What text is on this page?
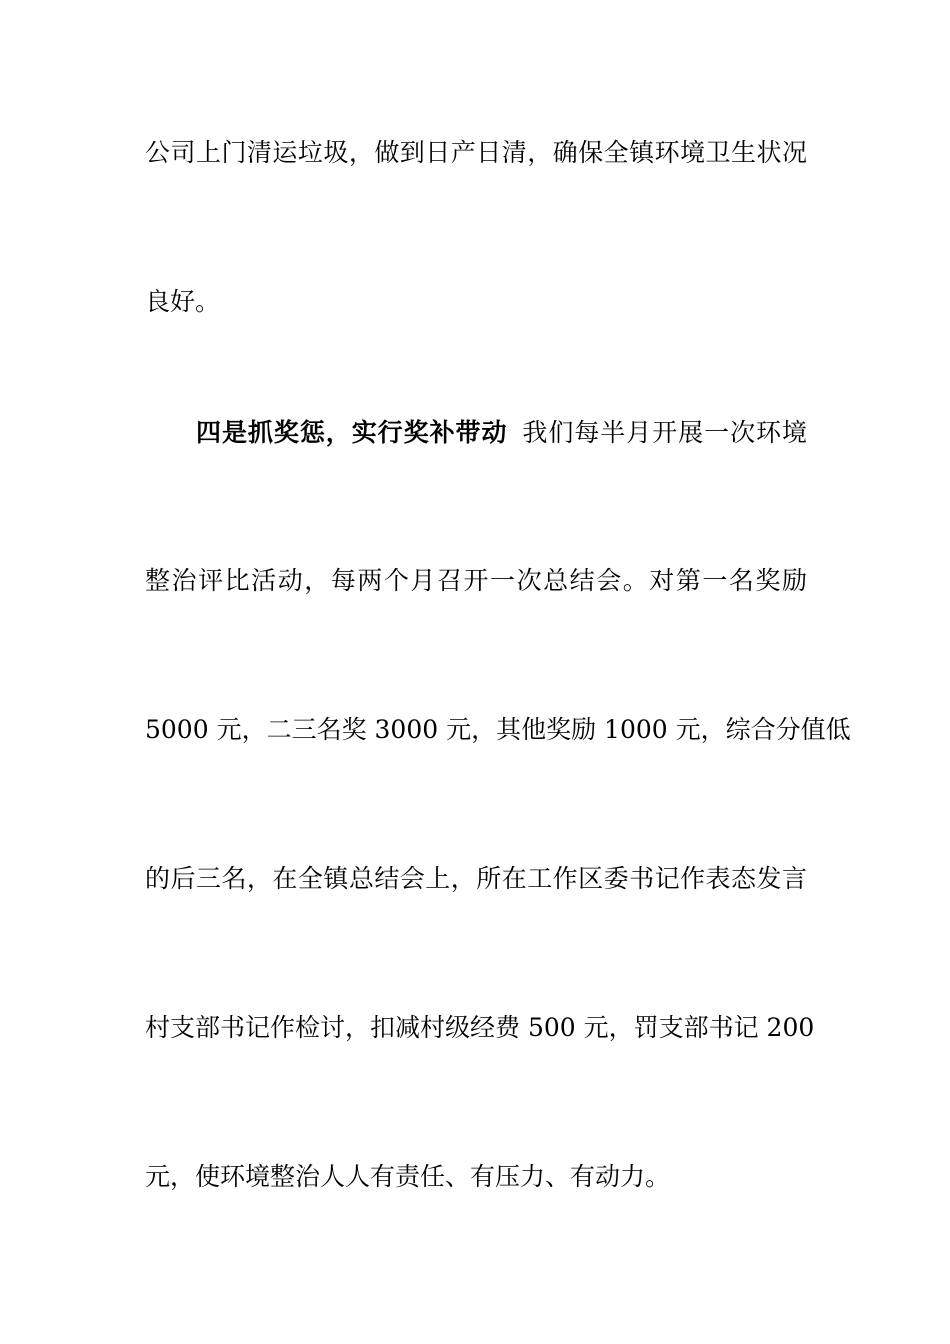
公司上门清运垃圾，做到日产日清，确保全镇环境卫生状况
良好。
四是抓奖惩，实行奖补带动 我们每半月开展一次环境
整治评比活动，每两个月召开一次总结会。对第一名奖励
5000 元，二三名奖 3000 元，其他奖励 1000 元，综合分值低
的后三名，在全镇总结会上，所在工作区委书记作表态发言
村支部书记作检讨，扣减村级经费 500 元，罚支部书记 200
元，使环境整治人人有责任、有压力、有动力。
